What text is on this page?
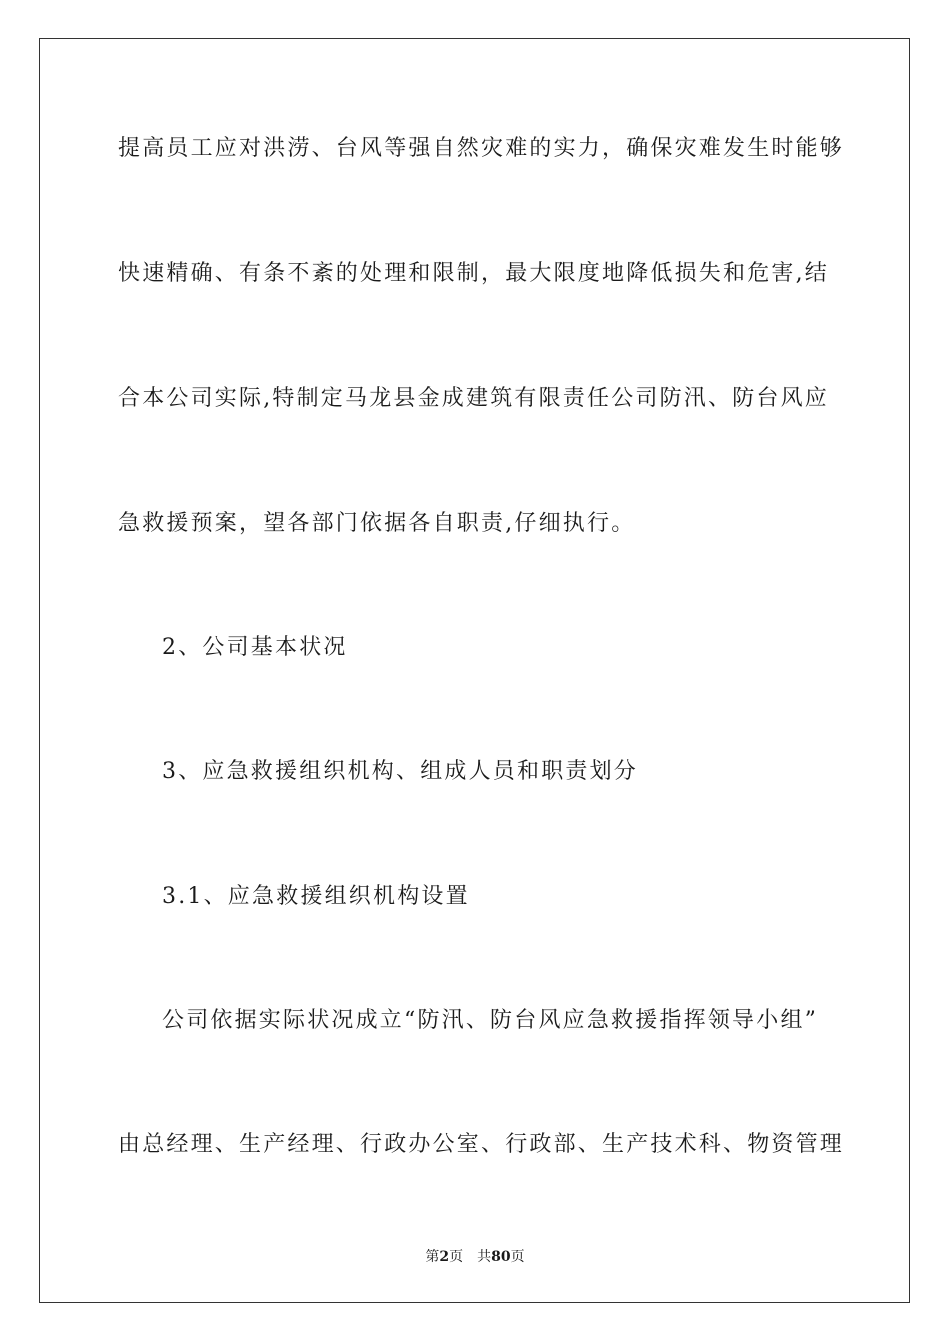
提高员工应对洪涝、台风等强自然灾难的实力，确保灾难发生时能够
快速精确、有条不紊的处理和限制，最大限度地降低损失和危害,结
合本公司实际,特制定马龙县金成建筑有限责任公司防汛、防台风应
急救援预案，望各部门依据各自职责,仔细执行。
2、公司基本状况
3、应急救援组织机构、组成人员和职责划分
3.1、应急救援组织机构设置
公司依据实际状况成立“防汛、防台风应急救援指挥领导小组”
由总经理、生产经理、行政办公室、行政部、生产技术科、物资管理
第2页 共80页
